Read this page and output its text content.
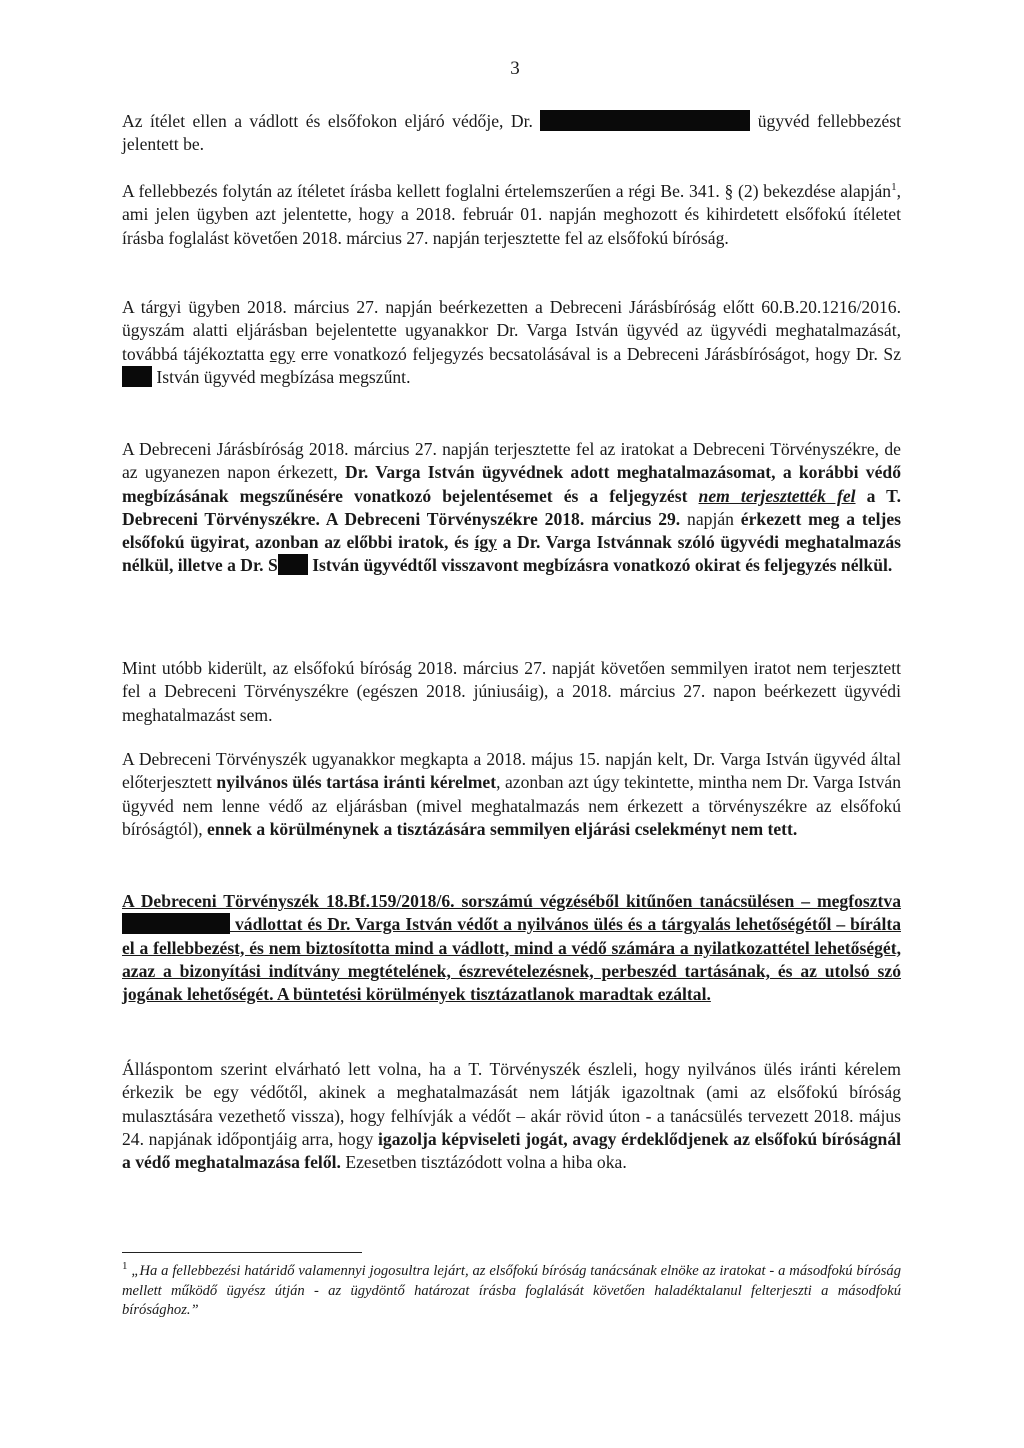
3

Az ítélet ellen a vádlott és elsőfokon eljáró védője, Dr.	ügyvéd fellebbezést jelentett be.

A fellebbezés folytán az ítéletet írásba kellett foglalni értelemszerűen a régi Be. 341. § (2) bekezdése alapján$^1$, ami jelen ügyben azt jelentette, hogy a 2018. február 01. napján meghozott és kihirdetett elsőfokú ítéletet írásba foglalást követően 2018. március 27. napján terjesztette fel az elsőfokú bíróság.

A tárgyi ügyben 2018. március 27. napján beérkezetten a Debreceni Járásbíróság előtt 60.B.20.1216/2016. ügyszám alatti eljárásban bejelentette ugyanakkor Dr. Varga István ügyvéd az ügyvédi meghatalmazását, továbbá tájékoztatta egy erre vonatkozó feljegyzés becsatolásával is a Debreceni Járásbíróságot, hogy Dr. Sz István ügyvéd megbízása megszűnt.

A Debreceni Járásbíróság 2018. március 27. napján terjesztette fel az iratokat a Debreceni Törvényszékre, de az ugyanezen napon érkezett, Dr. Varga István ügyvédnek adott meghatalmazásomat, a korábbi védő megbízásának megszűnésére vonatkozó bejelentésemet és a feljegyzést nem terjesztették fel a T. Debreceni Törvényszékre. A Debreceni Törvényszékre 2018. március 29. napján érkezett meg a teljes elsőfokú ügyirat, azonban az előbbi iratok, és így a Dr. Varga Istvánnak szóló ügyvédi meghatalmazás nélkül, illetve a Dr. S István ügyvédtől visszavont megbízásra vonatkozó okirat és feljegyzés nélkül.

Mint utóbb kiderült, az elsőfokú bíróság 2018. március 27. napját követően semmilyen iratot nem terjesztett fel a Debreceni Törvényszékre (egészen 2018. júniusáig), a 2018. március 27. napon beérkezett ügyvédi meghatalmazást sem.

A Debreceni Törvényszék ugyanakkor megkapta a 2018. május 15. napján kelt, Dr. Varga István ügyvéd által előterjesztett nyilvános ülés tartása iránti kérelmet, azonban azt úgy tekintette, mintha nem Dr. Varga István ügyvéd nem lenne védő az eljárásban (mivel meghatalmazás nem érkezett a törvényszékre az elsőfokú bíróságtól), ennek a körülménynek a tisztázására semmilyen eljárási cselekményt nem tett.

A Debreceni Törvényszék 18.Bf.159/2018/6. sorszámú végzéséből kitűnően tanácsülésen – megfosztva  vádlottat és Dr. Varga István védőt a nyilvános ülés és a tárgyalás lehetőségétől – bírálta el a fellebbezést, és nem biztosította mind a vádlott, mind a védő számára a nyilatkozattétel lehetőségét, azaz a bizonyítási indítvány megtételének, észrevételezésnek, perbeszéd tartásának, és az utolsó szó jogának lehetőségét. A büntetési körülmények tisztázatlanok maradtak ezáltal.

Álláspontom szerint elvárható lett volna, ha a T. Törvényszék észleli, hogy nyilvános ülés iránti kérelem érkezik be egy védőtől, akinek a meghatalmazását nem látják igazoltnak (ami az elsőfokú bíróság mulasztására vezethető vissza), hogy felhívják a védőt – akár rövid úton - a tanácsülés tervezett 2018. május 24. napjának időpontjáig arra, hogy igazolja képviseleti jogát, avagy érdeklődjenek az elsőfokú bíróságnál a védő meghatalmazása felől. Ezesetben tisztázódott volna a hiba oka.

$^1$ „Ha a fellebbezési határidő valamennyi jogosultra lejárt, az elsőfokú bíróság tanácsának elnöke az iratokat - a másodfokú bíróság mellett működő ügyész útján - az ügydöntő határozat írásba foglalását követően haladéktalanul felterjeszti a másodfokú bírósághoz.”
